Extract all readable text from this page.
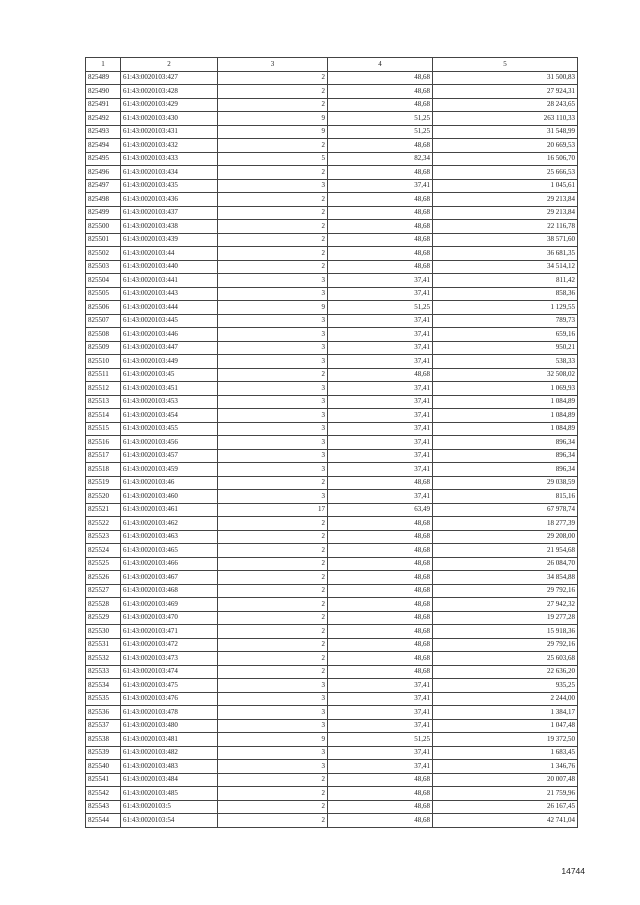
1	2	3	4	5
825489	61:43:0020103:427	2	48,68	31 500,83
825490	61:43:0020103:428	2	48,68	27 924,31
825491	61:43:0020103:429	2	48,68	28 243,65
825492	61:43:0020103:430	9	51,25	263 110,33
825493	61:43:0020103:431	9	51,25	31 548,99
825494	61:43:0020103:432	2	48,68	20 669,53
825495	61:43:0020103:433	5	82,34	16 506,70
825496	61:43:0020103:434	2	48,68	25 666,53
825497	61:43:0020103:435	3	37,41	1 045,61
825498	61:43:0020103:436	2	48,68	29 213,84
825499	61:43:0020103:437	2	48,68	29 213,84
825500	61:43:0020103:438	2	48,68	22 116,78
825501	61:43:0020103:439	2	48,68	38 571,60
825502	61:43:0020103:44	2	48,68	36 681,35
825503	61:43:0020103:440	2	48,68	34 514,12
825504	61:43:0020103:441	3	37,41	811,42
825505	61:43:0020103:443	3	37,41	858,36
825506	61:43:0020103:444	9	51,25	1 129,55
825507	61:43:0020103:445	3	37,41	789,73
825508	61:43:0020103:446	3	37,41	659,16
825509	61:43:0020103:447	3	37,41	950,21
825510	61:43:0020103:449	3	37,41	538,33
825511	61:43:0020103:45	2	48,68	32 508,02
825512	61:43:0020103:451	3	37,41	1 069,93
825513	61:43:0020103:453	3	37,41	1 084,89
825514	61:43:0020103:454	3	37,41	1 084,89
825515	61:43:0020103:455	3	37,41	1 084,89
825516	61:43:0020103:456	3	37,41	896,34
825517	61:43:0020103:457	3	37,41	896,34
825518	61:43:0020103:459	3	37,41	896,34
825519	61:43:0020103:46	2	48,68	29 038,59
825520	61:43:0020103:460	3	37,41	815,16
825521	61:43:0020103:461	17	63,49	67 978,74
825522	61:43:0020103:462	2	48,68	18 277,39
825523	61:43:0020103:463	2	48,68	29 208,00
825524	61:43:0020103:465	2	48,68	21 954,68
825525	61:43:0020103:466	2	48,68	26 084,70
825526	61:43:0020103:467	2	48,68	34 854,88
825527	61:43:0020103:468	2	48,68	29 792,16
825528	61:43:0020103:469	2	48,68	27 942,32
825529	61:43:0020103:470	2	48,68	19 277,28
825530	61:43:0020103:471	2	48,68	15 918,36
825531	61:43:0020103:472	2	48,68	29 792,16
825532	61:43:0020103:473	2	48,68	25 603,68
825533	61:43:0020103:474	2	48,68	22 636,20
825534	61:43:0020103:475	3	37,41	935,25
825535	61:43:0020103:476	3	37,41	2 244,00
825536	61:43:0020103:478	3	37,41	1 384,17
825537	61:43:0020103:480	3	37,41	1 047,48
825538	61:43:0020103:481	9	51,25	19 372,50
825539	61:43:0020103:482	3	37,41	1 683,45
825540	61:43:0020103:483	3	37,41	1 346,76
825541	61:43:0020103:484	2	48,68	20 007,48
825542	61:43:0020103:485	2	48,68	21 759,96
825543	61:43:0020103:5	2	48,68	26 167,45
825544	61:43:0020103:54	2	48,68	42 741,04
14744
